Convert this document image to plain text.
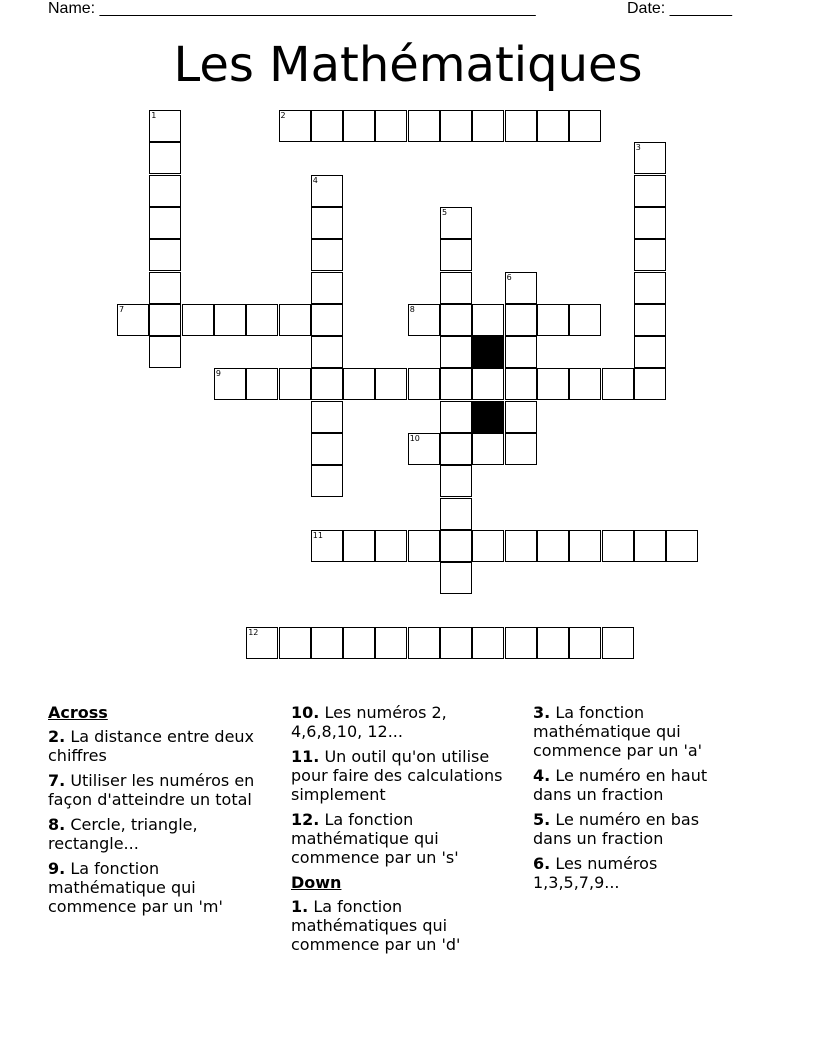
Name: _________________________________________________	Date: _______
Les Mathématiques
1	2
3
4
5
6
7	8
9
10
11
12
Across

2. La distance entre deux chiffres

7. Utiliser les numéros en façon d'atteindre un total

8. Cercle, triangle, rectangle...

9. La fonction mathématique qui commence par un 'm'

10. Les numéros 2, 4,6,8,10, 12...

11. Un outil qu'on utilise pour faire des calculations simplement

12. La fonction mathématique qui commence par un 's'

Down

1. La fonction mathématiques qui commence par un 'd'

3. La fonction mathématique qui commence par un 'a'

4. Le numéro en haut dans un fraction

5. Le numéro en bas dans un fraction

6. Les numéros 1,3,5,7,9...
